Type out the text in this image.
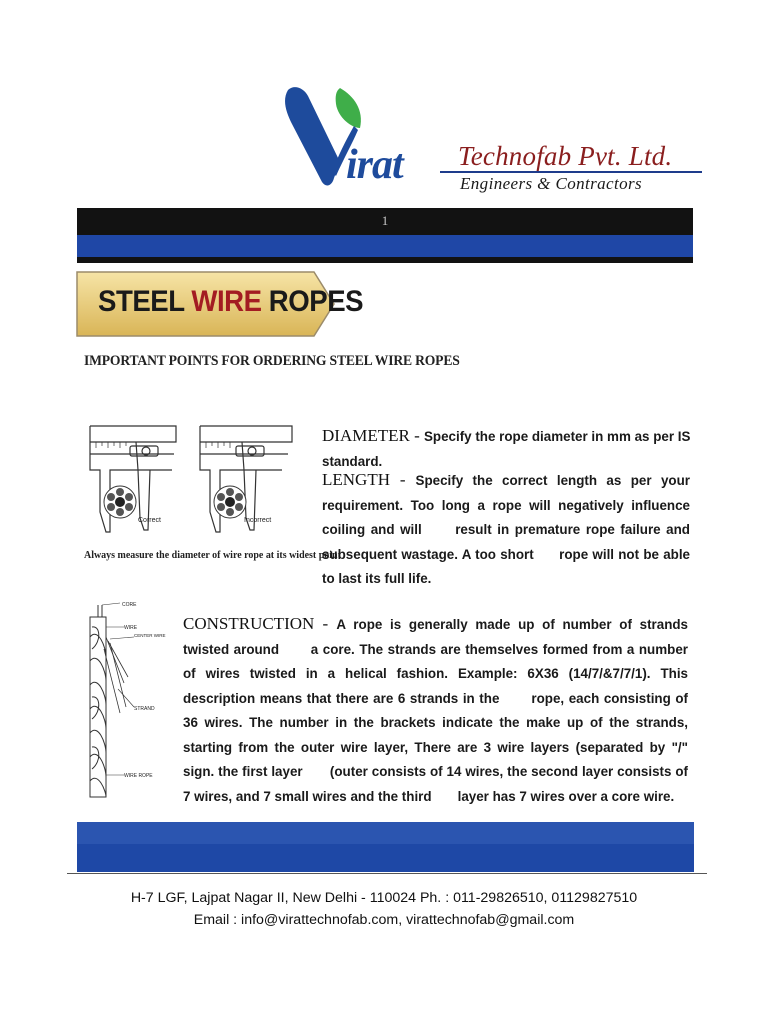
irat Technofab Pvt. Ltd.
Engineers & Contractors
1
STEEL WIRE ROPES
IMPORTANT POINTS FOR ORDERING STEEL WIRE ROPES
Correct	Incorrect
Always measure the diameter of wire rope at its widest point
DIAMETER - Specify the rope diameter in mm as per IS       standard.
LENGTH - Specify the correct length as per your      requirement. Too long a rope will negatively influence coiling and will      result in premature rope failure and subsequent wastage. A too short      rope will not be able to last its full life.
CORE
WIRE
CENTER WIRE
STRAND
WIRE ROPE
CONSTRUCTION - A rope is generally made up of number of strands twisted around       a core. The strands are themselves formed from a number of wires twisted in a helical fashion. Example: 6X36 (14/7/&7/7/1). This description means that there are 6 strands in the       rope, each consisting of 36 wires. The number in the brackets indicate the make up of the strands,       starting from the outer wire layer, There are 3 wire layers (separated by "/" sign. the first layer       (outer consists of 14 wires, the second layer consists of 7 wires, and 7 small wires and the third       layer has 7 wires over a core wire.
H-7 LGF, Lajpat Nagar II, New Delhi - 110024 Ph. : 011-29826510, 01129827510
Email : info@virattechnofab.com, virattechnofab@gmail.com
